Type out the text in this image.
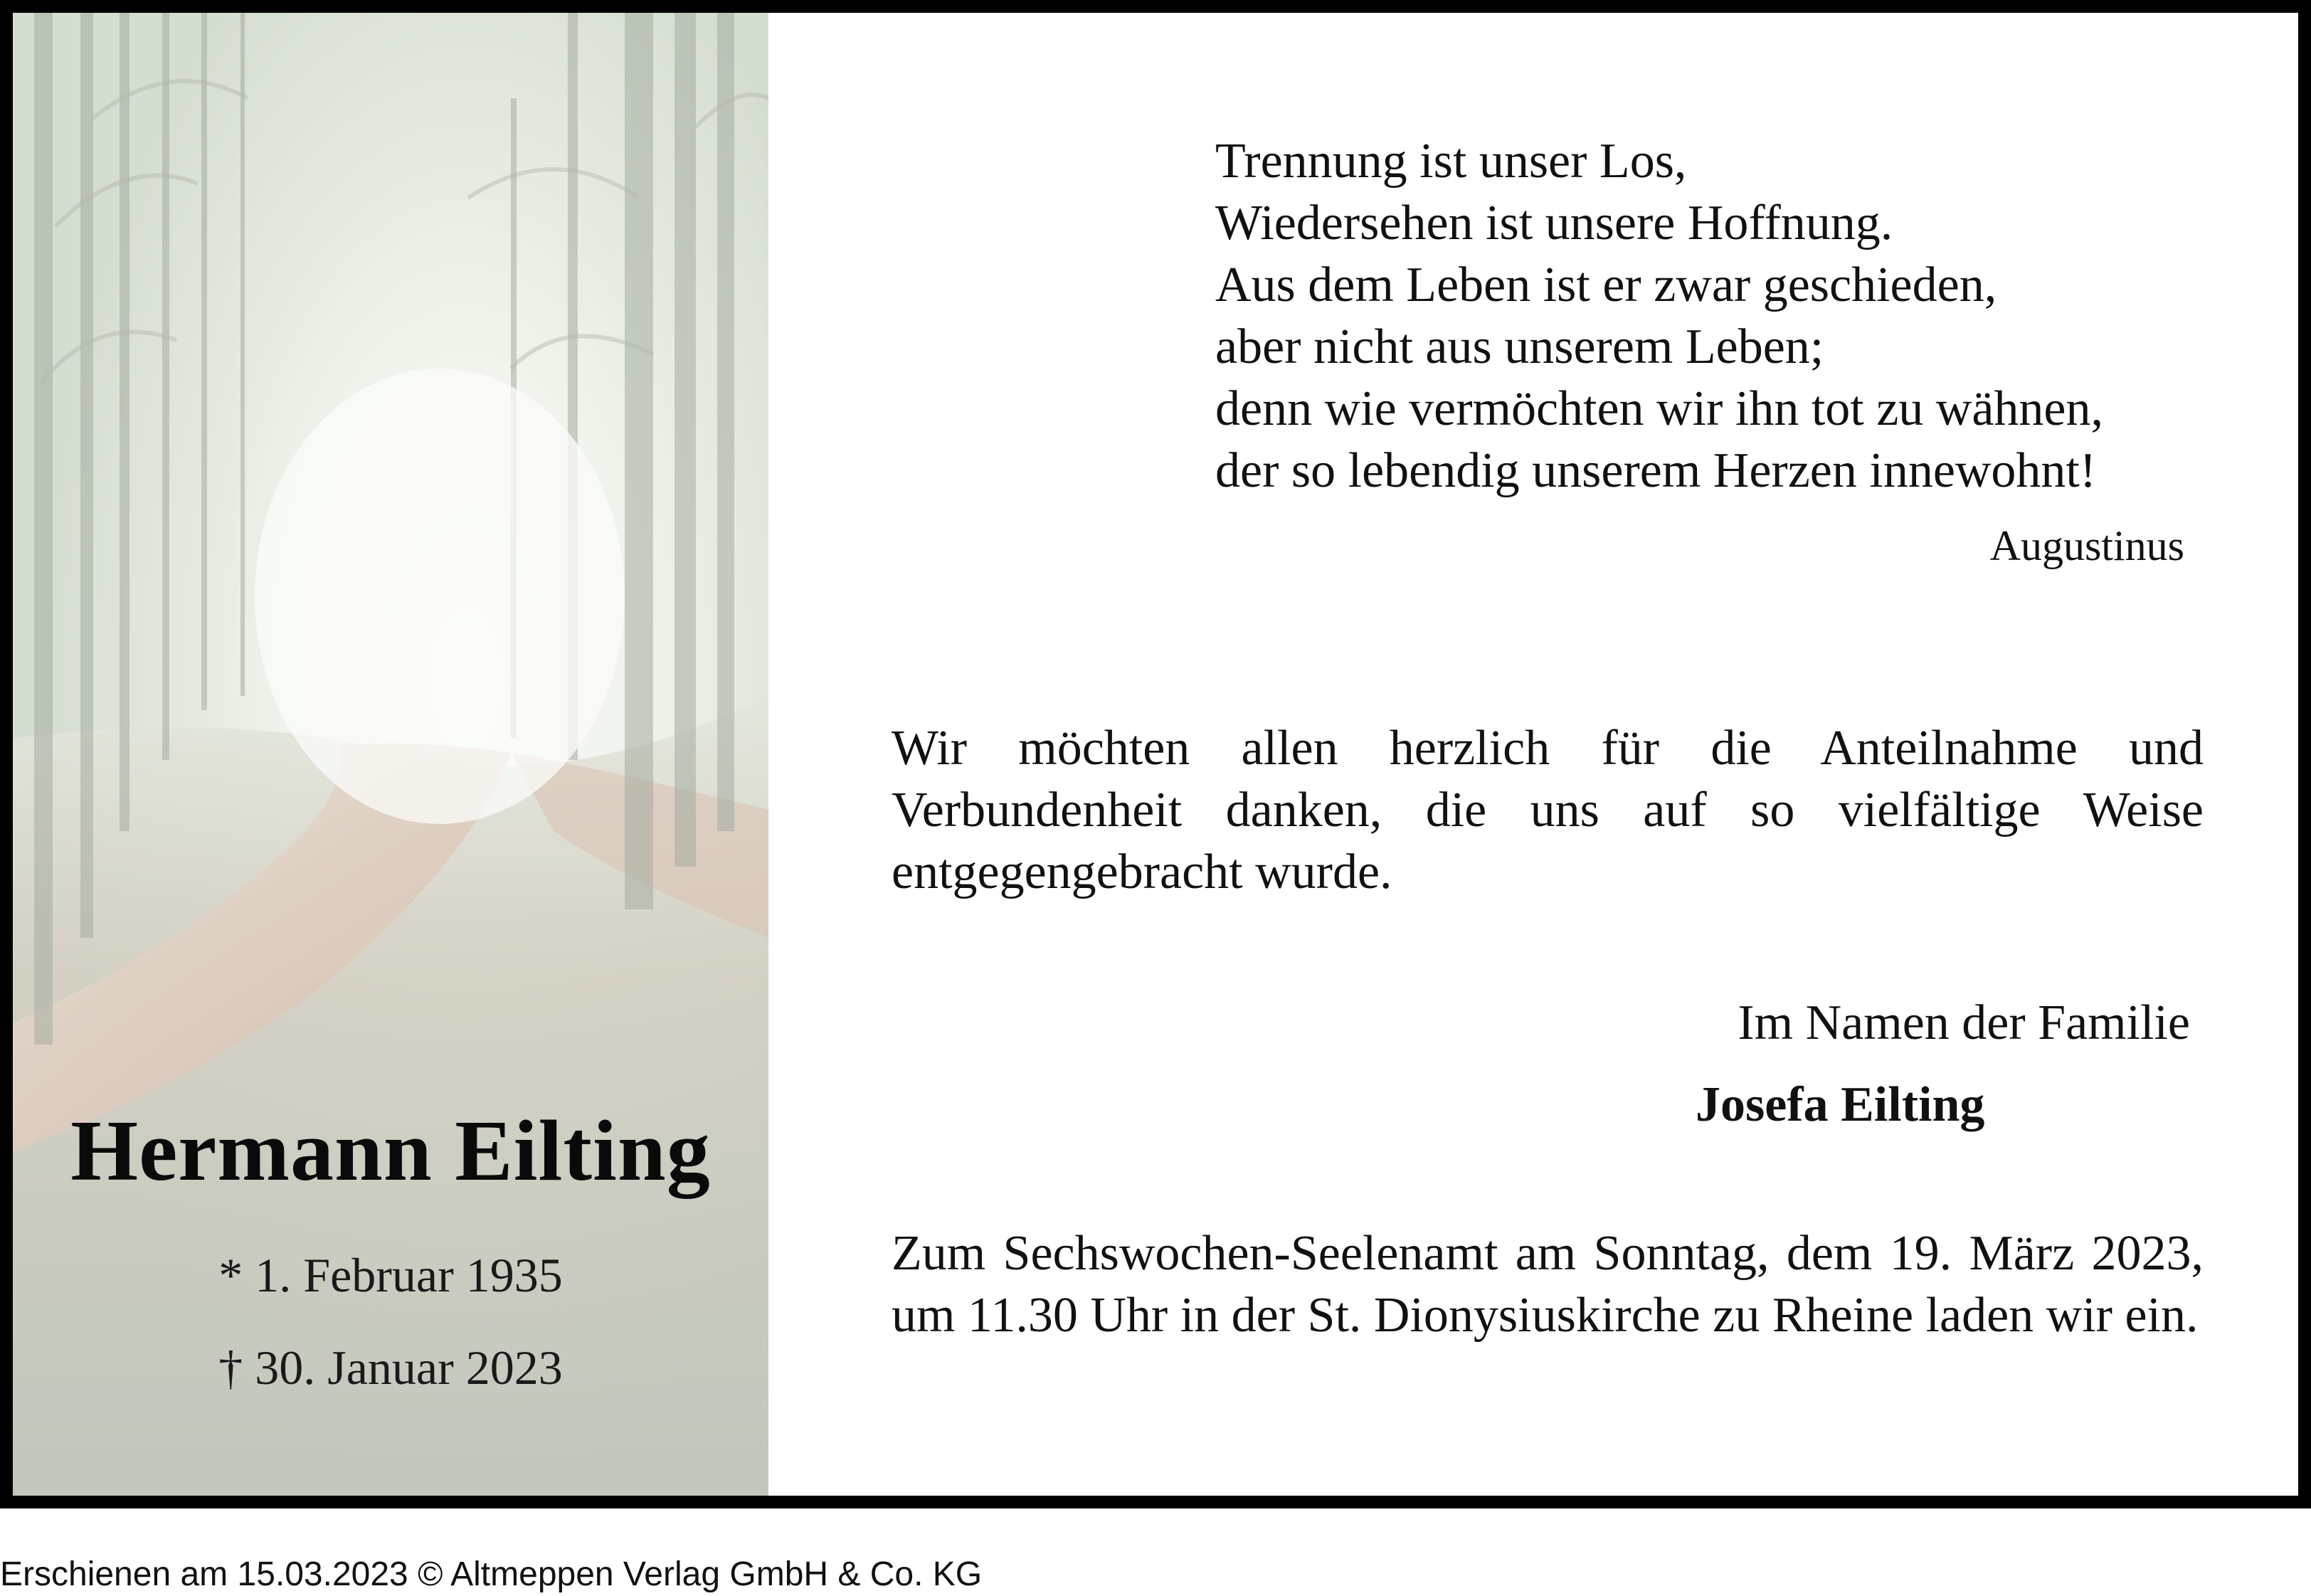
Hermann Eilting
* 1. Februar 1935
† 30. Januar 2023
Trennung ist unser Los,
Wiedersehen ist unsere Hoffnung.
Aus dem Leben ist er zwar geschieden,
aber nicht aus unserem Leben;
denn wie vermöchten wir ihn tot zu wähnen,
der so lebendig unserem Herzen innewohnt!
Augustinus
Wir möchten allen herzlich für die Anteilnahme und Verbundenheit danken, die uns auf so vielfältige Weise entgegengebracht wurde.
Im Namen der Familie
Josefa Eilting
Zum Sechswochen-Seelenamt am Sonntag, dem 19. März 2023, um 11.30 Uhr in der St. Dionysiuskirche zu Rheine laden wir ein.
Erschienen am 15.03.2023 © Altmeppen Verlag GmbH & Co. KG
